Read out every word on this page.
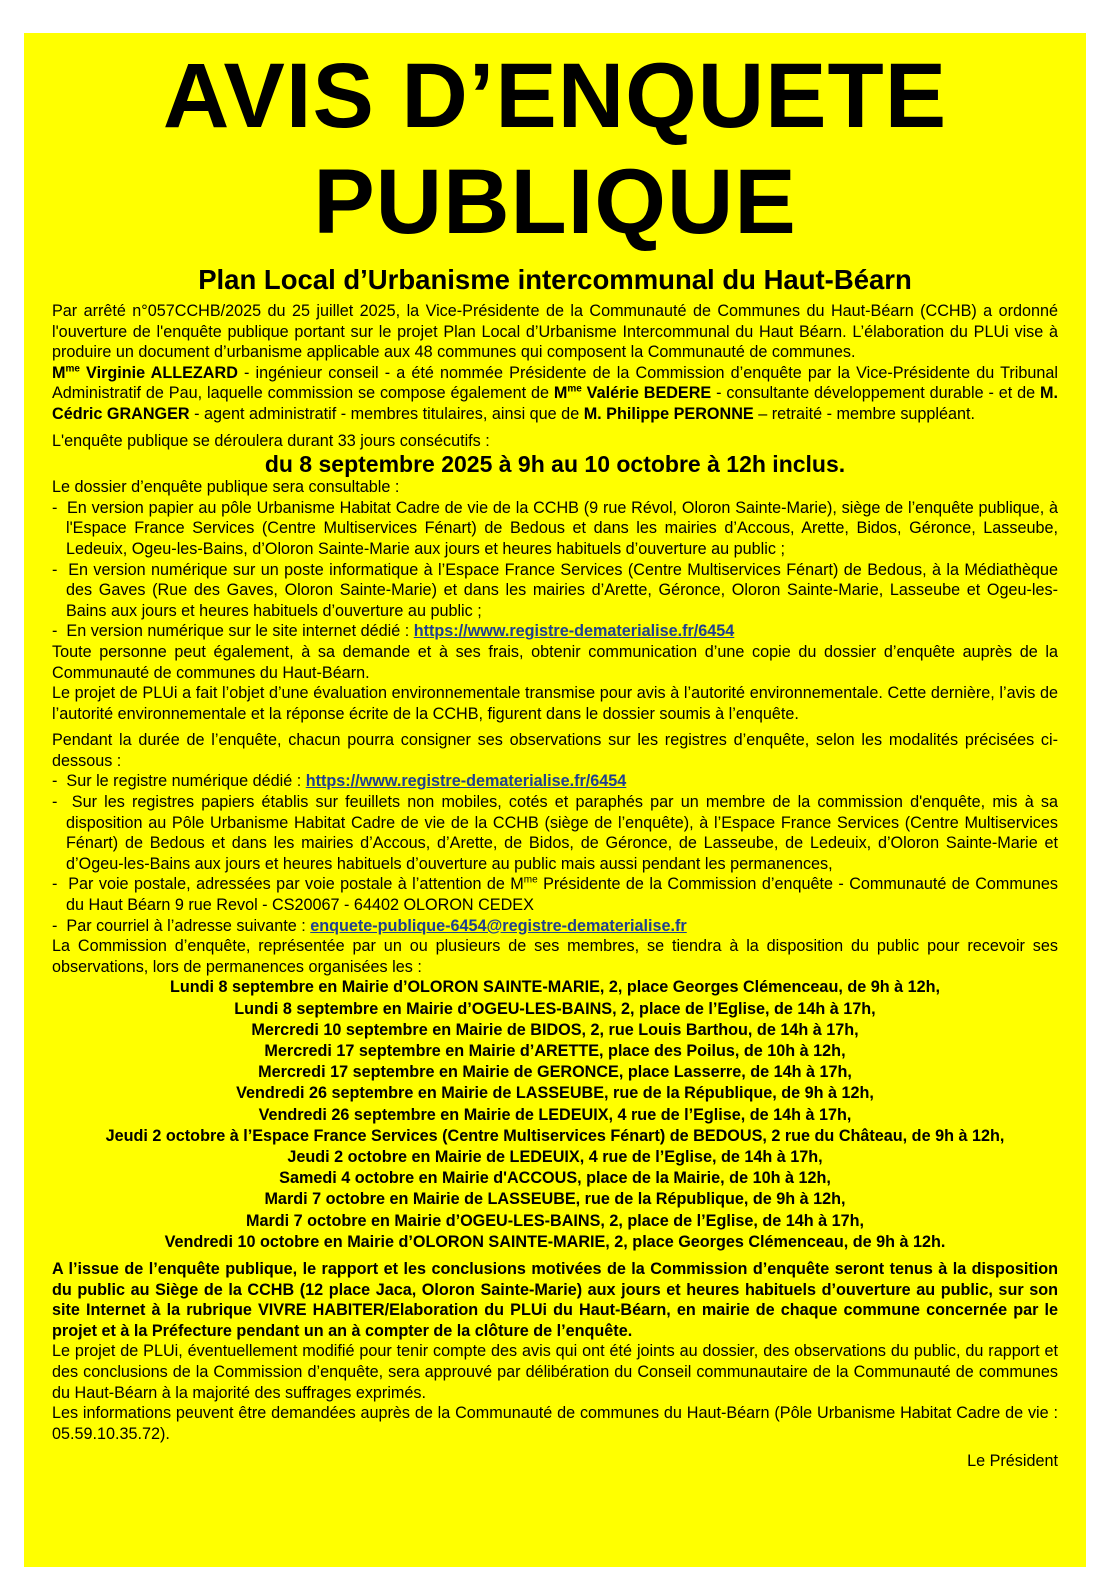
AVIS D’ENQUETE
PUBLIQUE
Plan Local d’Urbanisme intercommunal du Haut-Béarn

Par arrêté n°057CCHB/2025 du 25 juillet 2025, la Vice-Présidente de la Communauté de Communes du Haut-Béarn (CCHB) a ordonné l'ouverture de l'enquête publique portant sur le projet Plan Local d’Urbanisme Intercommunal du Haut Béarn. L’élaboration du PLUi vise à produire un document d’urbanisme applicable aux 48 communes qui composent la Communauté de communes.

$M^{me}$ Virginie ALLEZARD - ingénieur conseil - a été nommée Présidente de la Commission d’enquête par la Vice-Présidente du Tribunal Administratif de Pau, laquelle commission se compose également de $M^{me}$ Valérie BEDERE - consultante développement durable - et de M. Cédric GRANGER - agent administratif - membres titulaires, ainsi que de M. Philippe PERONNE – retraité - membre suppléant.

L'enquête publique se déroulera durant 33 jours consécutifs :

du 8 septembre 2025 à 9h au 10 octobre à 12h inclus.

Le dossier d’enquête publique sera consultable :

-  En version papier au pôle Urbanisme Habitat Cadre de vie de la CCHB (9 rue Révol, Oloron Sainte-Marie), siège de l’enquête publique, à l'Espace France Services (Centre Multiservices Fénart) de Bedous et dans les mairies d’Accous, Arette, Bidos, Géronce, Lasseube, Ledeuix, Ogeu-les-Bains, d’Oloron Sainte-Marie aux jours et heures habituels d’ouverture au public ;
-  En version numérique sur un poste informatique à l’Espace France Services (Centre Multiservices Fénart) de Bedous, à la Médiathèque des Gaves (Rue des Gaves, Oloron Sainte-Marie) et dans les mairies d’Arette, Géronce, Oloron Sainte-Marie, Lasseube et Ogeu-les-Bains aux jours et heures habituels d’ouverture au public ;
-  En version numérique sur le site internet dédié : https://www.registre-dematerialise.fr/6454

Toute personne peut également, à sa demande et à ses frais, obtenir communication d’une copie du dossier d’enquête auprès de la Communauté de communes du Haut-Béarn.

Le projet de PLUi a fait l’objet d’une évaluation environnementale transmise pour avis à l’autorité environnementale. Cette dernière, l’avis de l’autorité environnementale et la réponse écrite de la CCHB, figurent dans le dossier soumis à l’enquête.

Pendant la durée de l’enquête, chacun pourra consigner ses observations sur les registres d’enquête, selon les modalités précisées ci-dessous :

-  Sur le registre numérique dédié : https://www.registre-dematerialise.fr/6454
-  Sur les registres papiers établis sur feuillets non mobiles, cotés et paraphés par un membre de la commission d'enquête, mis à sa disposition au Pôle Urbanisme Habitat Cadre de vie de la CCHB (siège de l’enquête), à l’Espace France Services (Centre Multiservices Fénart) de Bedous et dans les mairies d’Accous, d’Arette, de Bidos, de Géronce, de Lasseube, de Ledeuix, d’Oloron Sainte-Marie et d’Ogeu-les-Bains aux jours et heures habituels d’ouverture au public mais aussi pendant les permanences,
-  Par voie postale, adressées par voie postale à l’attention de $M^{me}$ Présidente de la Commission d’enquête - Communauté de Communes du Haut Béarn 9 rue Revol - CS20067 - 64402 OLORON CEDEX
-  Par courriel à l’adresse suivante : enquete-publique-6454@registre-dematerialise.fr

La Commission d’enquête, représentée par un ou plusieurs de ses membres, se tiendra à la disposition du public pour recevoir ses observations, lors de permanences organisées les :

Lundi 8 septembre en Mairie d’OLORON SAINTE-MARIE, 2, place Georges Clémenceau, de 9h à 12h,
Lundi 8 septembre en Mairie d’OGEU-LES-BAINS, 2, place de l’Eglise, de 14h à 17h,
Mercredi 10 septembre en Mairie de BIDOS, 2, rue Louis Barthou, de 14h à 17h,
Mercredi 17 septembre en Mairie d’ARETTE, place des Poilus, de 10h à 12h,
Mercredi 17 septembre en Mairie de GERONCE, place Lasserre, de 14h à 17h,
Vendredi 26 septembre en Mairie de LASSEUBE, rue de la République, de 9h à 12h,
Vendredi 26 septembre en Mairie de LEDEUIX, 4 rue de l’Eglise, de 14h à 17h,
Jeudi 2 octobre à l’Espace France Services (Centre Multiservices Fénart) de BEDOUS, 2 rue du Château, de 9h à 12h,
Jeudi 2 octobre en Mairie de LEDEUIX, 4 rue de l’Eglise, de 14h à 17h,
Samedi 4 octobre en Mairie d'ACCOUS, place de la Mairie, de 10h à 12h,
Mardi 7 octobre en Mairie de LASSEUBE, rue de la République, de 9h à 12h,
Mardi 7 octobre en Mairie d’OGEU-LES-BAINS, 2, place de l’Eglise, de 14h à 17h,
Vendredi 10 octobre en Mairie d’OLORON SAINTE-MARIE, 2, place Georges Clémenceau, de 9h à 12h.

A l’issue de l’enquête publique, le rapport et les conclusions motivées de la Commission d’enquête seront tenus à la disposition du public au Siège de la CCHB (12 place Jaca, Oloron Sainte-Marie) aux jours et heures habituels d’ouverture au public, sur son site Internet à la rubrique VIVRE HABITER/Elaboration du PLUi du Haut-Béarn, en mairie de chaque commune concernée par le projet et à la Préfecture pendant un an à compter de la clôture de l’enquête.

Le projet de PLUi, éventuellement modifié pour tenir compte des avis qui ont été joints au dossier, des observations du public, du rapport et des conclusions de la Commission d’enquête, sera approuvé par délibération du Conseil communautaire de la Communauté de communes du Haut-Béarn à la majorité des suffrages exprimés.

Les informations peuvent être demandées auprès de la Communauté de communes du Haut-Béarn (Pôle Urbanisme Habitat Cadre de vie : 05.59.10.35.72).

Le Président
